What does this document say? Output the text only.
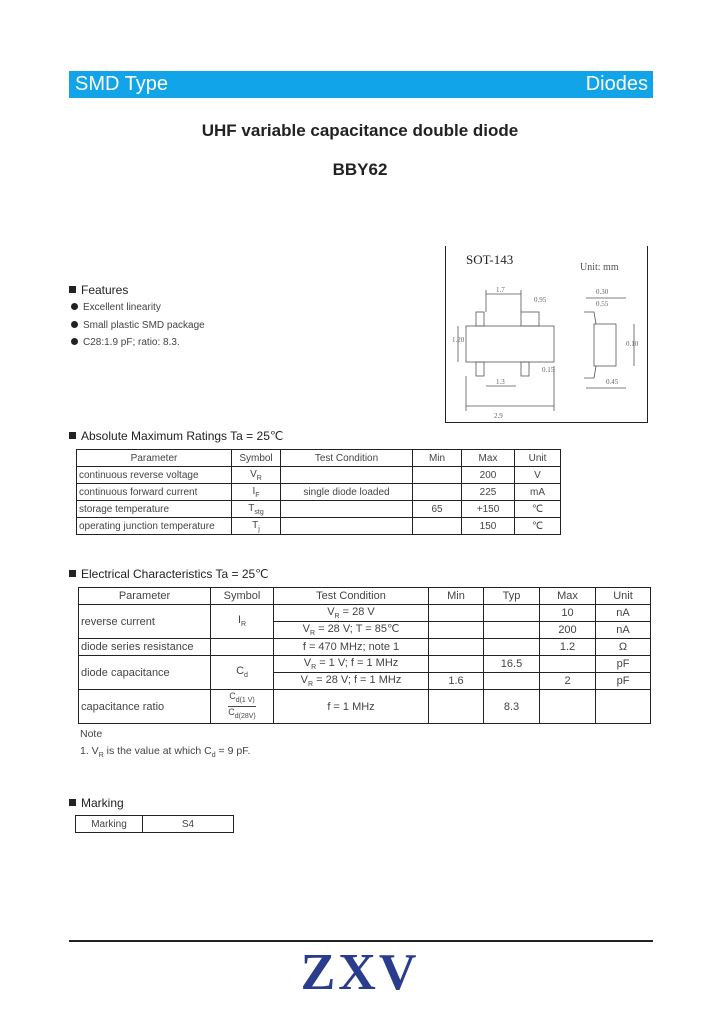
SMD Type	Diodes
UHF variable capacitance double diode
BBY62
SOT-143
Unit: mm
1.7
0.95
1.20
0.30
0.55
0.10
2.9
0.15
1.3	0.45
Features
Excellent linearity
Small plastic SMD package
C28:1.9 pF; ratio: 8.3.
Absolute Maximum Ratings Ta = 25℃
Parameter	Symbol	Test Condition	Min	Max	Unit
continuous reverse voltage	$V_R$			200	V
continuous forward current	$I_F$	single diode loaded		225	mA
storage temperature	$T_{stg}$		65	+150	℃
operating junction temperature	$T_j$			150	℃
Electrical Characteristics Ta = 25℃
Parameter	Symbol	Test Condition	Min	Typ	Max	Unit
reverse current	$I_R$	$V_R = 28$ V			10	nA
		$V_R = 28$ V; T = 85℃			200	nA
diode series resistance		f = 470 MHz; note 1			1.2	Ω
diode capacitance	$C_d$	$V_R = 1$ V; f = 1 MHz		16.5		pF
		$V_R = 28$ V; f = 1 MHz	1.6		2	pF
capacitance ratio	$\frac{C_{d(1 V)}}{C_{d(28V)}}$	f = 1 MHz		8.3		
Note
1. $V_R$ is the value at which $C_d = 9$ pF.
Marking
Marking	S4
ZXV
